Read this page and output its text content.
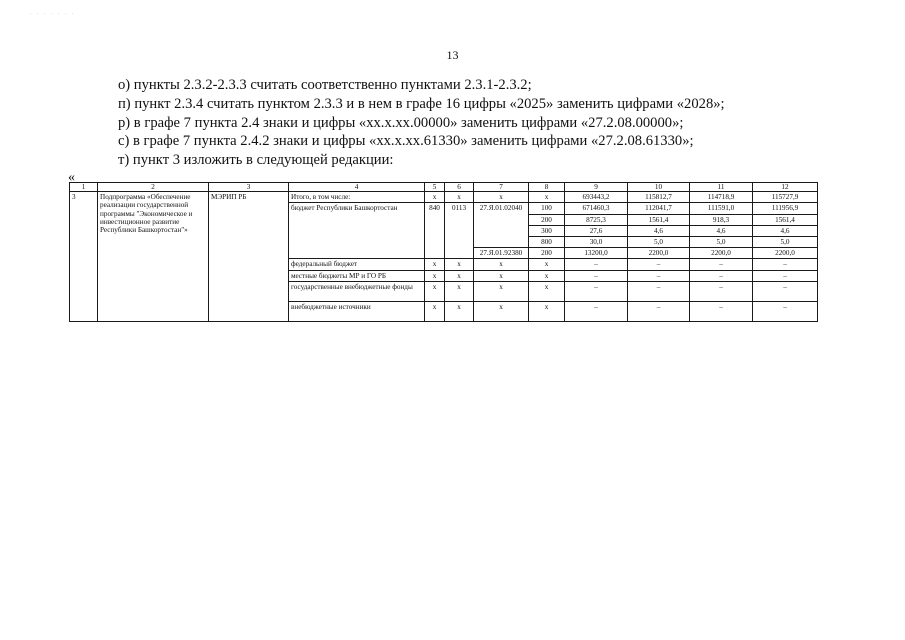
. . . . . . .
13
о) пункты 2.3.2-2.3.3 считать соответственно пунктами 2.3.1-2.3.2;
п) пункт 2.3.4 считать пунктом 2.3.3 и в нем в графе 16 цифры «2025» заменить цифрами «2028»;
р) в графе 7 пункта 2.4 знаки и цифры «хх.х.хх.00000» заменить цифрами «27.2.08.00000»;
с) в графе 7 пункта 2.4.2 знаки и цифры «хх.х.хх.61330» заменить цифрами «27.2.08.61330»;
т) пункт 3 изложить в следующей редакции:
«
1	2	3	4	5	6	7	8	9	10	11	12
3	Подпрограмма «Обеспечение реализации государственной программы "Экономическое и инвестиционное развитие Республики Башкортостан"»	МЭРИП РБ	Итого, в том числе:	х	х	х	х	693443,2	115812,7	114718,9	115727,9
			бюджет Республики Башкортостан	840	0113	27.Я.01.02040	100	671460,3	112041,7	111591,0	111956,9
							200	8725,3	1561,4	918,3	1561,4
							300	27,6	4,6	4,6	4,6
							800	30,0	5,0	5,0	5,0
						27.Я.01.92380	200	13200,0	2200,0	2200,0	2200,0
			федеральный бюджет	х	х	х	х	–	–	–	–
			местные бюджеты МР и ГО РБ	х	х	х	х	–	–	–	–
			государственные внебюджетные фонды	х	х	х	х	–	–	–	–
			внебюджетные источники	х	х	х	х	–	–	–	–
